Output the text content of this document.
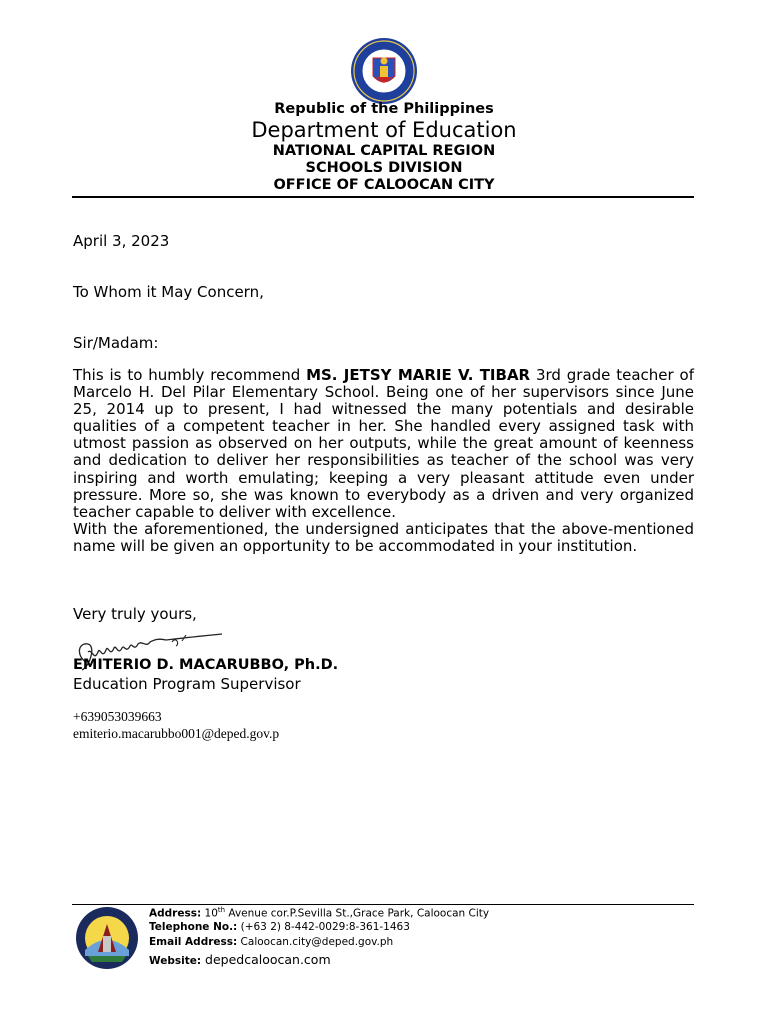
Republic of the Philippines
Department of Education
NATIONAL CAPITAL REGION
SCHOOLS DIVISION
OFFICE OF CALOOCAN CITY
April 3, 2023
To Whom it May Concern,
Sir/Madam:

This is to humbly recommend MS. JETSY MARIE V. TIBAR 3rd grade teacher of Marcelo H. Del Pilar Elementary School. Being one of her supervisors since June 25, 2014 up to present, I had witnessed the many potentials and desirable qualities of a competent teacher in her. She handled every assigned task with utmost passion as observed on her outputs, while the great amount of keenness and dedication to deliver her responsibilities as teacher of the school was very inspiring and worth emulating; keeping a very pleasant attitude even under pressure. More so, she was known to everybody as a driven and very organized teacher capable to deliver with excellence.

With the aforementioned, the undersigned anticipates that the above-mentioned name will be given an opportunity to be accommodated in your institution.

Very truly yours,
EMITERIO D. MACARUBBO, Ph.D.
Education Program Supervisor
+639053039663
emiterio.macarubbo001@deped.gov.p
Address: 10th Avenue cor.P.Sevilla St.,Grace Park, Caloocan City
Telephone No.: (+63 2) 8-442-0029:8-361-1463
Email Address: Caloocan.city@deped.gov.ph
Website: depedcaloocan.com
